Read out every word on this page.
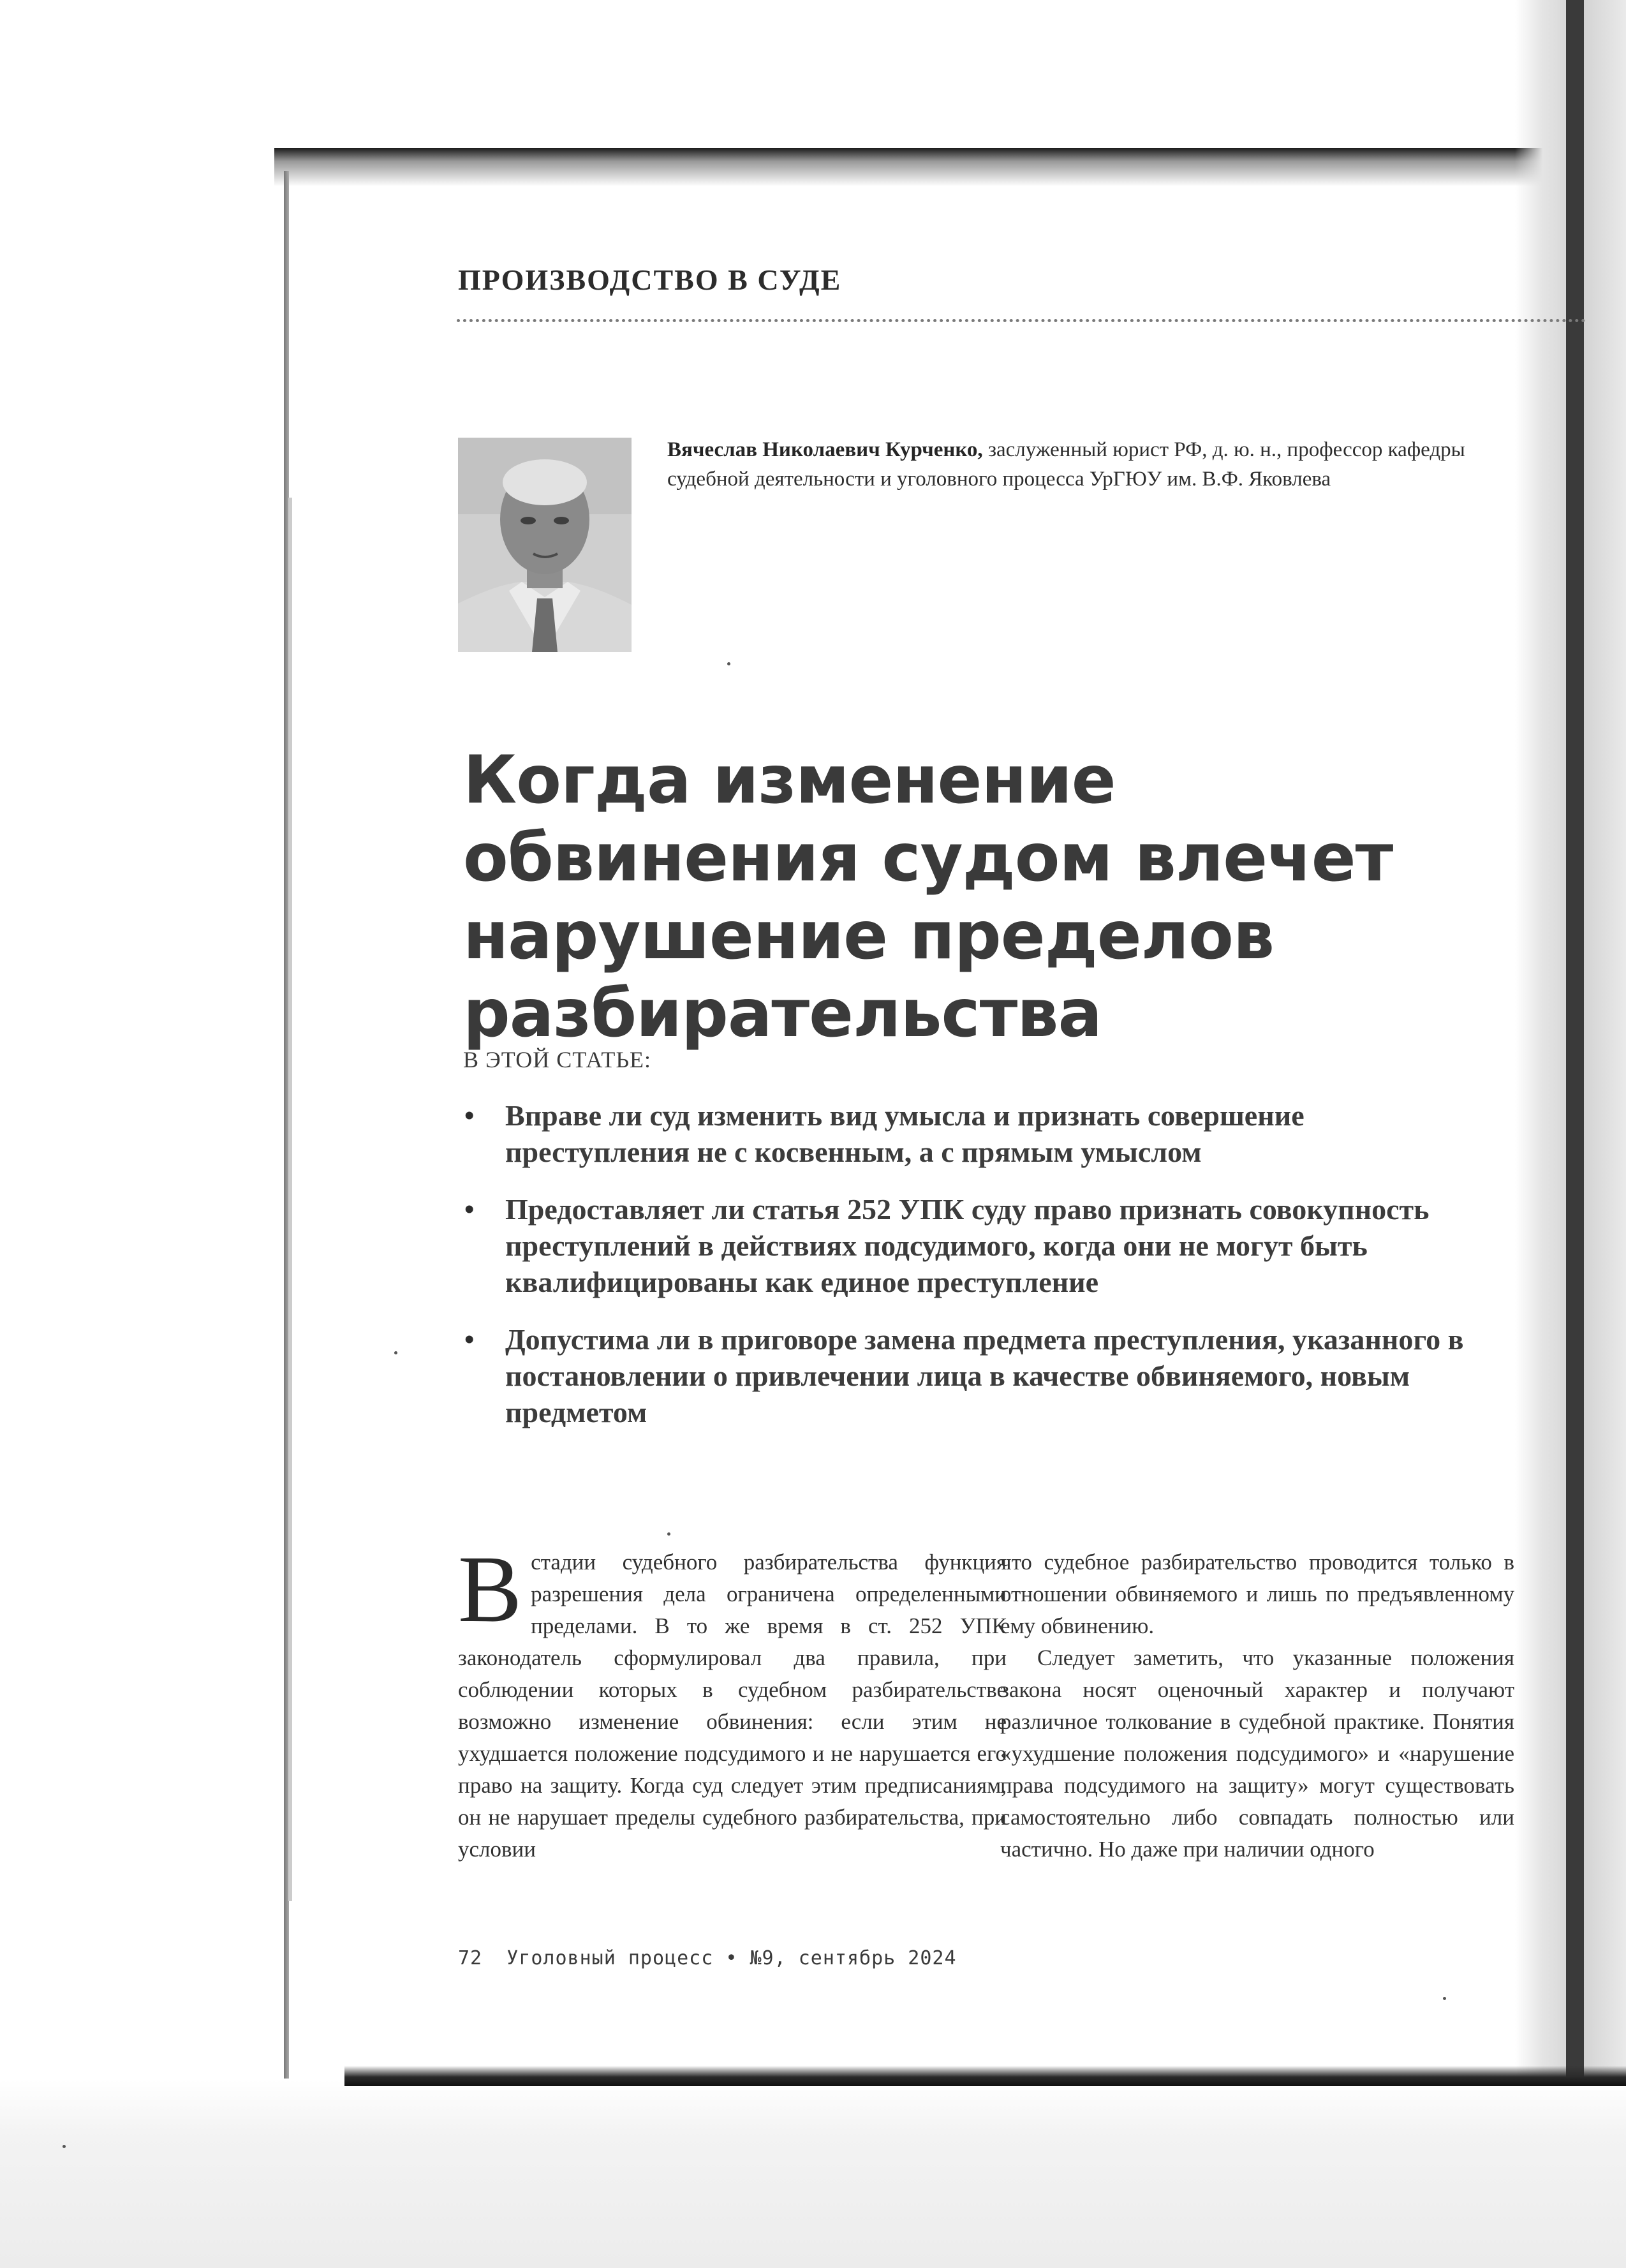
ПРОИЗВОДСТВО В СУДЕ
Вячеслав Николаевич Курченко, заслуженный юрист РФ, д. ю. н., профессор кафедры судебной деятельности и уголовного процесса УрГЮУ им. В.Ф. Яковлева
Когда изменение обвинения судом влечет нарушение пределов разбирательства
В ЭТОЙ СТАТЬЕ:
• Вправе ли суд изменить вид умысла и признать совершение преступления не с косвенным, а с прямым умыслом
• Предоставляет ли статья 252 УПК суду право признать совокупность преступлений в действиях подсудимого, когда они не могут быть квалифицированы как единое преступление
• Допустима ли в приговоре замена предмета преступления, указанного в постановлении о привлечении лица в качестве обвиняемого, новым предметом
В стадии судебного разбирательства функция разрешения дела ограничена определенными пределами. В то же время в ст. 252 УПК законодатель сформулировал два правила, при соблюдении которых в судебном разбирательстве возможно изменение обвинения: если этим не ухудшается положение подсудимого и не нарушается его право на защиту. Когда суд следует этим предписаниям, он не нарушает пределы судебного разбирательства, при условии

что судебное разбирательство проводится только в отношении обвиняемого и лишь по предъявленному ему обвинению.

Следует заметить, что указанные положения закона носят оценочный характер и получают различное толкование в судебной практике. Понятия «ухудшение положения подсудимого» и «нарушение права подсудимого на защиту» могут существовать самостоятельно либо совпадать полностью или частично. Но даже при наличии одного

72  Уголовный процесс • №9, сентябрь 2024
